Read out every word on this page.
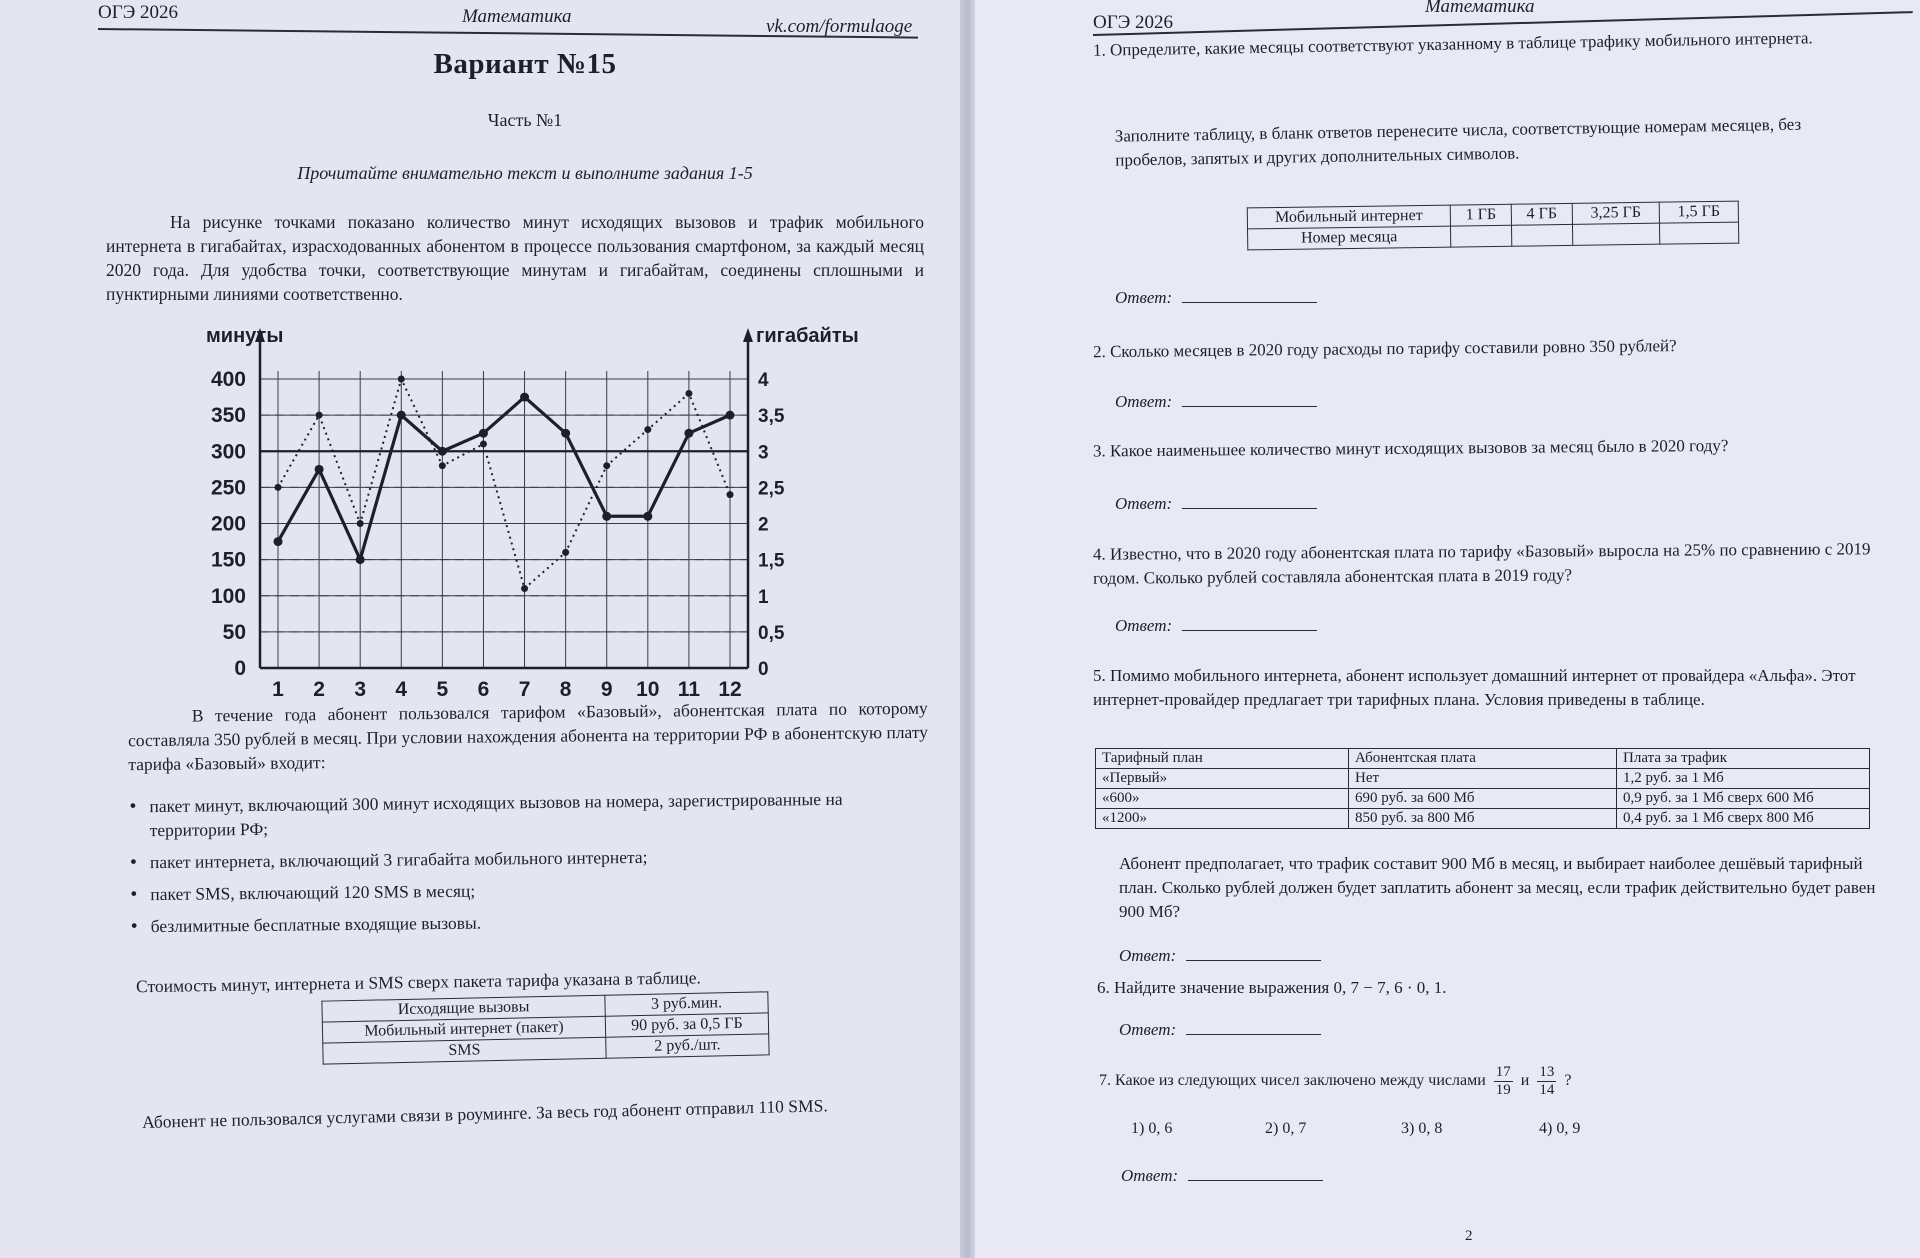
ОГЭ 2026	Математика	vk.com/formulaoge
Вариант №15
Часть №1
Прочитайте внимательно текст и выполните задания 1-5
На рисунке точками показано количество минут исходящих вызовов и трафик мобильного интернета в гигабайтах, израсходованных абонентом в процессе пользования смартфоном, за каждый месяц 2020 года. Для удобства точки, соответствующие минутам и гигабайтам, соединены сплошными и пунктирными линиями соответственно.
минуты	гигабайты
0
50
100
150
200
250
300
350
400
0
0,5
1
1,5
2
2,5
3
3,5
4
1 2 3 4 5 6 7 8 9 10 11 12
В течение года абонент пользовался тарифом «Базовый», абонентская плата по которому составляла 350 рублей в месяц. При условии нахождения абонента на территории РФ в абонентскую плату тарифа «Базовый» входит:
• пакет минут, включающий 300 минут исходящих вызовов на номера, зарегистрированные на территории РФ;
• пакет интернета, включающий 3 гигабайта мобильного интернета;
• пакет SMS, включающий 120 SMS в месяц;
• безлимитные бесплатные входящие вызовы.
Стоимость минут, интернета и SMS сверх пакета тарифа указана в таблице.
Исходящие вызовы	3 руб.мин.
Мобильный интернет (пакет)	90 руб. за 0,5 ГБ
SMS	2 руб./шт.
Абонент не пользовался услугами связи в роуминге. За весь год абонент отправил 110 SMS.
ОГЭ 2026
Математика
1. Определите, какие месяцы соответствуют указанному в таблице трафику мобильного интернета.
Заполните таблицу, в бланк ответов перенесите числа, соответствующие номерам месяцев, без пробелов, запятых и других дополнительных символов.
Мобильный интернет	1 ГБ	4 ГБ	3,25 ГБ	1,5 ГБ
Номер месяца				
Ответ:
2. Сколько месяцев в 2020 году расходы по тарифу составили ровно 350 рублей?
Ответ:
3. Какое наименьшее количество минут исходящих вызовов за месяц было в 2020 году?
Ответ:
4. Известно, что в 2020 году абонентская плата по тарифу «Базовый» выросла на 25% по сравнению с 2019 годом. Сколько рублей составляла абонентская плата в 2019 году?
Ответ:
5. Помимо мобильного интернета, абонент использует домашний интернет от провайдера «Альфа». Этот интернет-провайдер предлагает три тарифных плана. Условия приведены в таблице.
Тарифный план	Абонентская плата	Плата за трафик
«Первый»	Нет	1,2 руб. за 1 Мб
«600»	690 руб. за 600 Мб	0,9 руб. за 1 Мб сверх 600 Мб
«1200»	850 руб. за 800 Мб	0,4 руб. за 1 Мб сверх 800 Мб
Абонент предполагает, что трафик составит 900 Мб в месяц, и выбирает наиболее дешёвый тарифный план. Сколько рублей должен будет заплатить абонент за месяц, если трафик действительно будет равен 900 Мб?
Ответ:
6. Найдите значение выражения 0, 7 − 7, 6 · 0, 1.
Ответ:
7. Какое из следующих чисел заключено между числами $\frac{17}{19}$ и $\frac{13}{14}$ ?
1) 0, 6	2) 0, 7	3) 0, 8	4) 0, 9
Ответ:
2
